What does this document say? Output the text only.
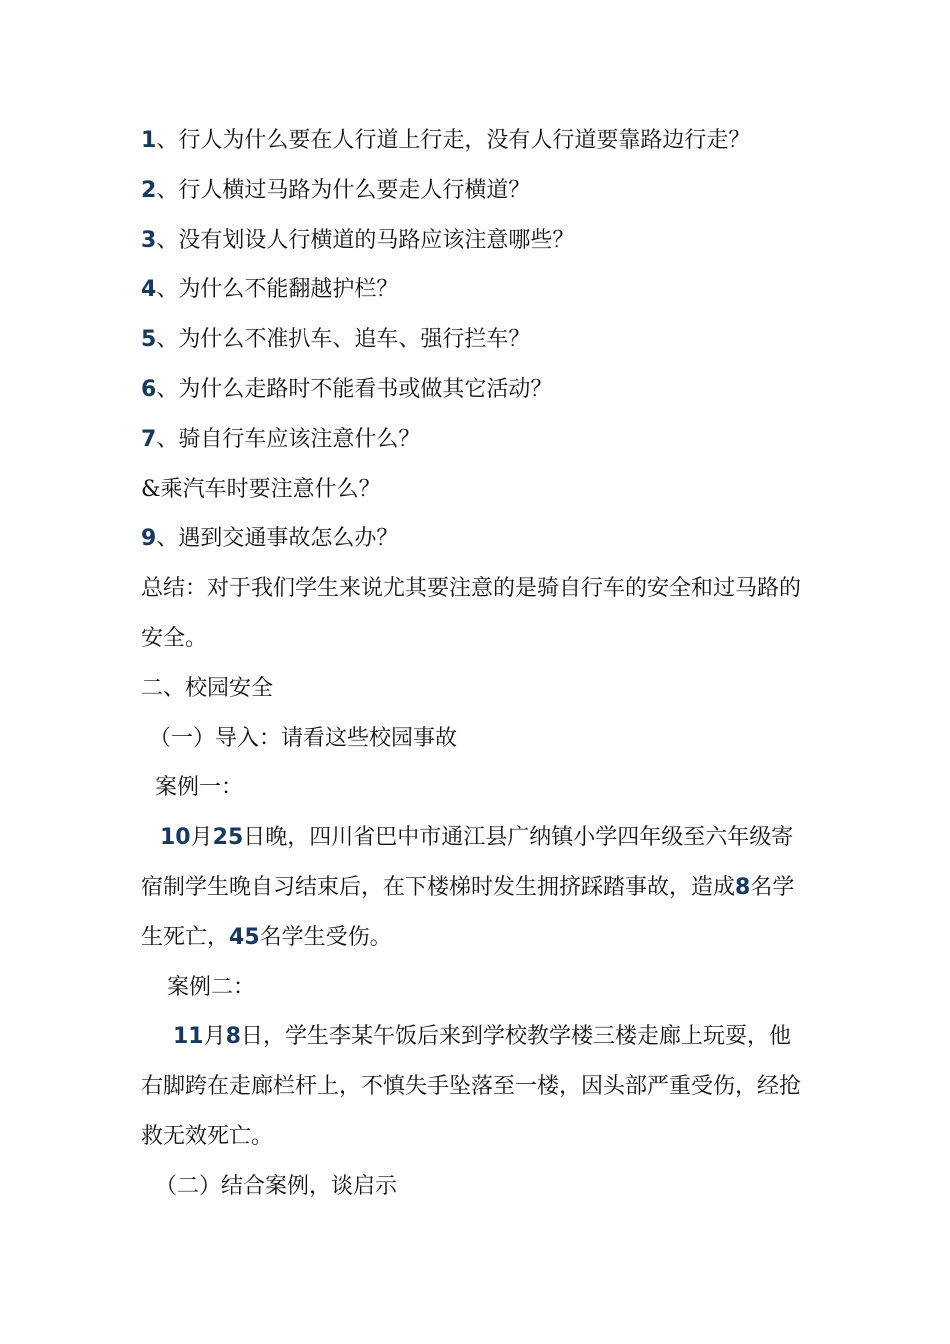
1、行人为什么要在人行道上行走，没有人行道要靠路边行走？
2、行人横过马路为什么要走人行横道？
3、没有划设人行横道的马路应该注意哪些？
4、为什么不能翻越护栏？
5、为什么不准扒车、追车、强行拦车？
6、为什么走路时不能看书或做其它活动？
7、骑自行车应该注意什么？
&乘汽车时要注意什么？
9、遇到交通事故怎么办？
总结：对于我们学生来说尤其要注意的是骑自行车的安全和过马路的
安全。
二、校园安全
（一）导入：请看这些校园事故
案例一：
10月25日晚，四川省巴中市通江县广纳镇小学四年级至六年级寄
宿制学生晚自习结束后，在下楼梯时发生拥挤踩踏事故，造成8名学
生死亡，45名学生受伤。
案例二：
11月8日，学生李某午饭后来到学校教学楼三楼走廊上玩耍，他
右脚跨在走廊栏杆上，不慎失手坠落至一楼，因头部严重受伤，经抢
救无效死亡。
（二）结合案例，谈启示
